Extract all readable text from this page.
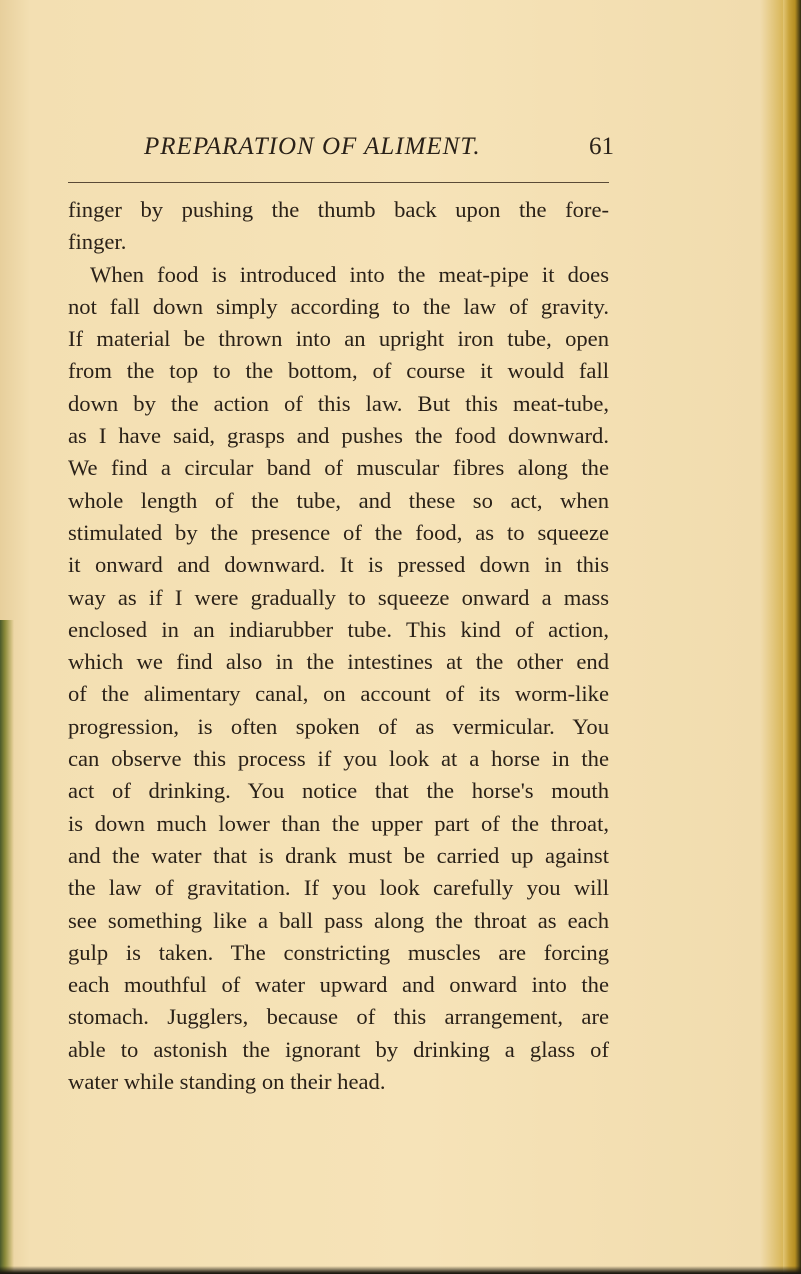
PREPARATION OF ALIMENT.	61

finger by pushing the thumb back upon the fore-
finger.

When food is introduced into the meat-pipe it does
not fall down simply according to the law of gravity.
If material be thrown into an upright iron tube, open
from the top to the bottom, of course it would fall
down by the action of this law. But this meat-tube,
as I have said, grasps and pushes the food downward.
We find a circular band of muscular fibres along the
whole length of the tube, and these so act, when
stimulated by the presence of the food, as to squeeze
it onward and downward. It is pressed down in this
way as if I were gradually to squeeze onward a mass
enclosed in an indiarubber tube. This kind of action,
which we find also in the intestines at the other end
of the alimentary canal, on account of its worm-like
progression, is often spoken of as vermicular. You
can observe this process if you look at a horse in the
act of drinking. You notice that the horse's mouth
is down much lower than the upper part of the throat,
and the water that is drank must be carried up against
the law of gravitation. If you look carefully you will
see something like a ball pass along the throat as each
gulp is taken. The constricting muscles are forcing
each mouthful of water upward and onward into the
stomach. Jugglers, because of this arrangement, are
able to astonish the ignorant by drinking a glass of
water while standing on their head.
